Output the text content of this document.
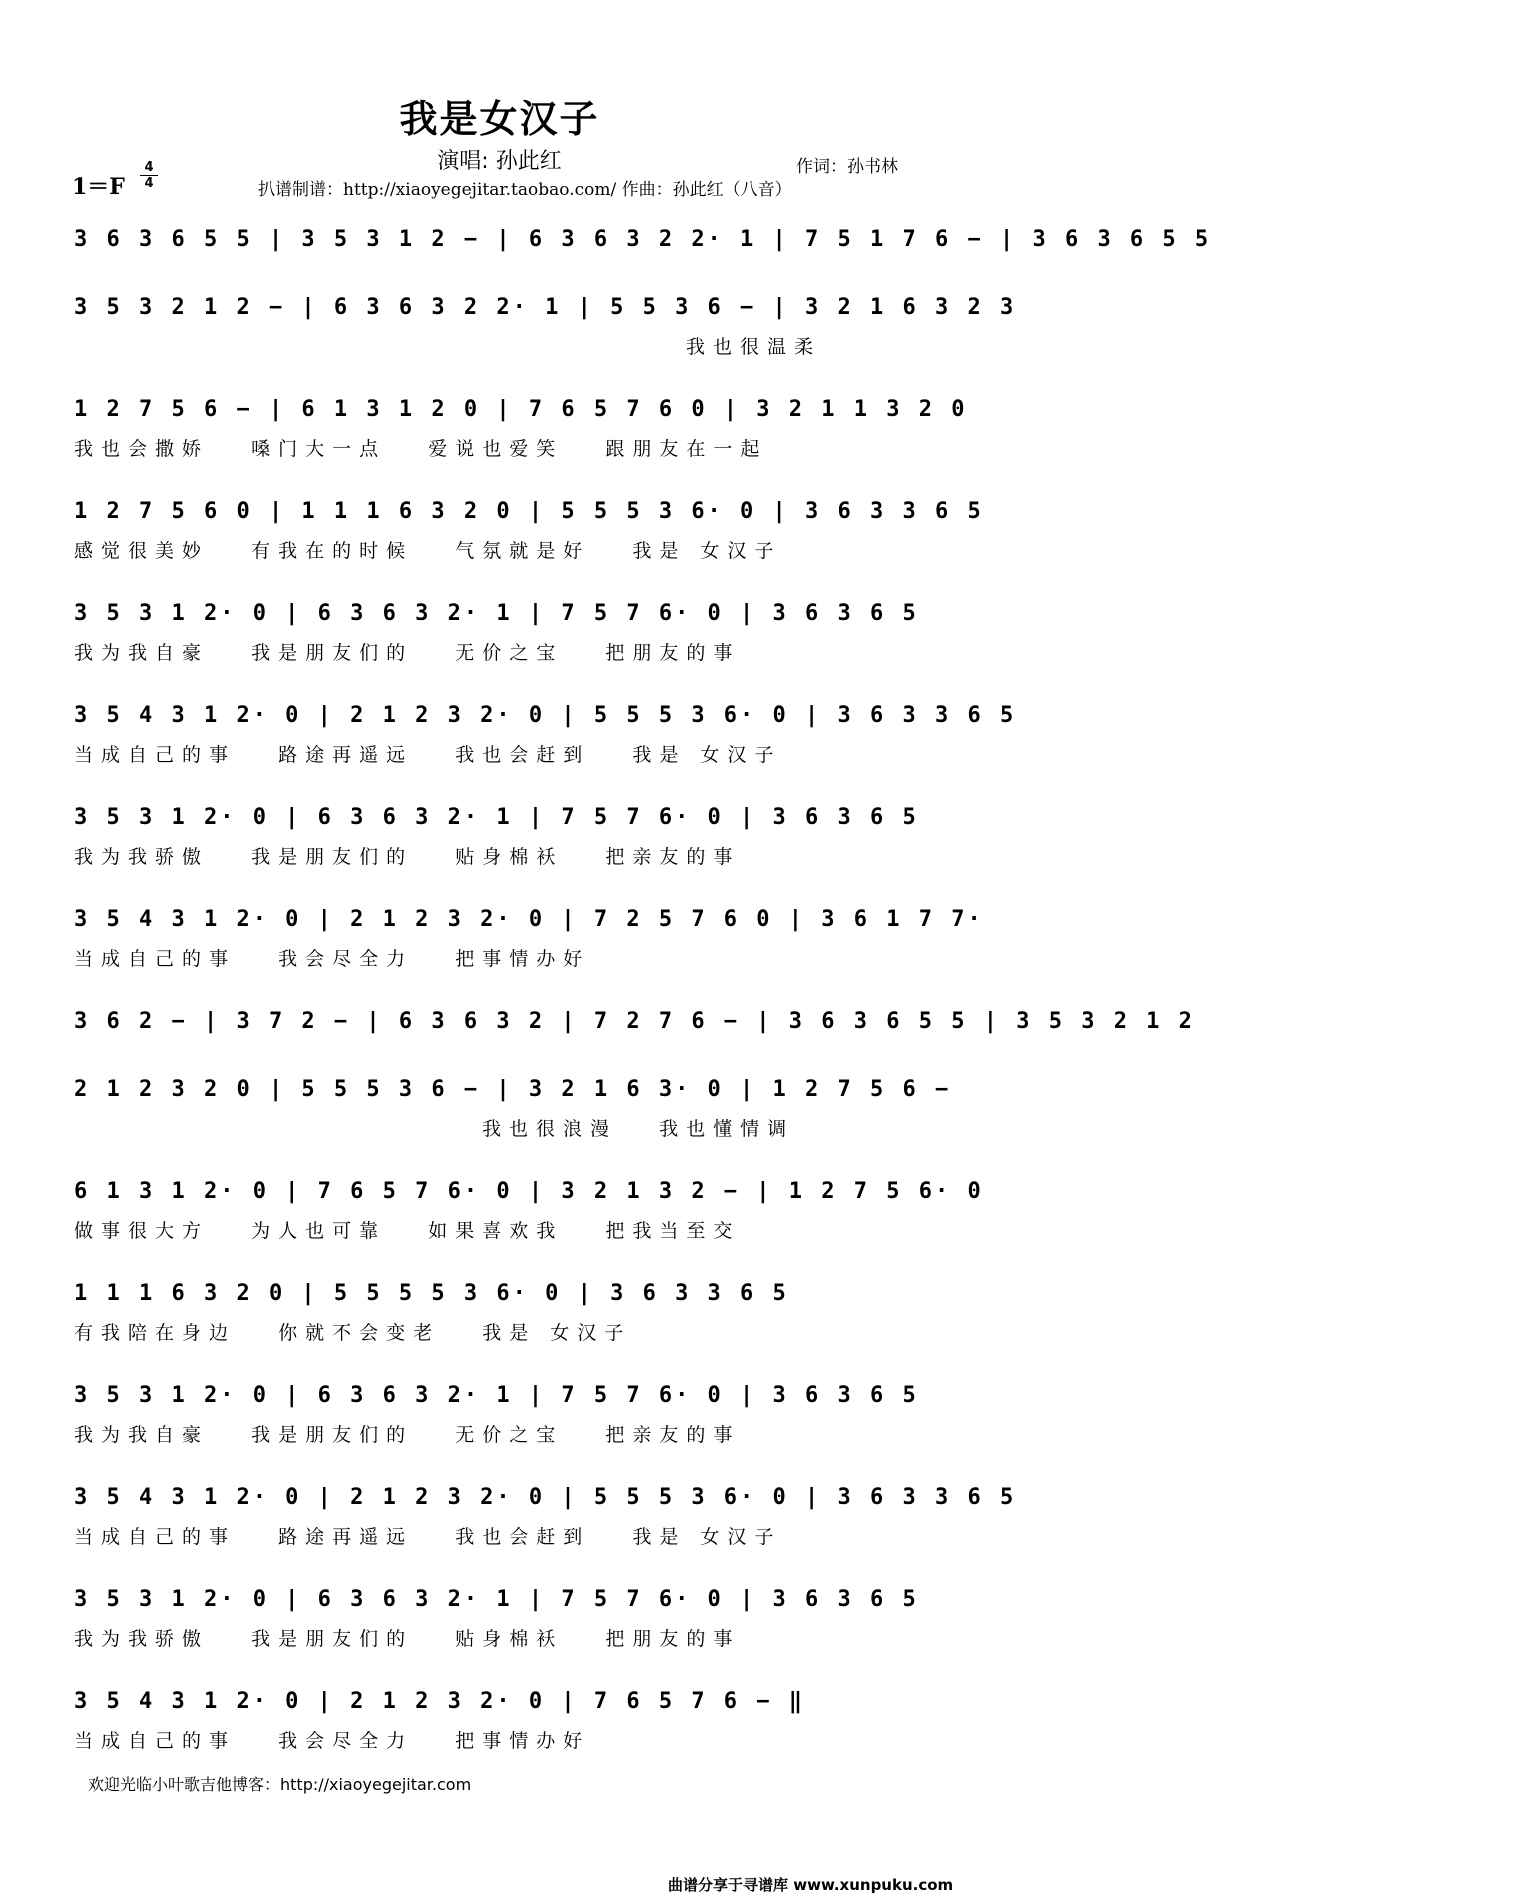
我是女汉子
演唱: 孙此红	作词：孙书林
1＝F
4
4	扒谱制谱：http://xiaoyegejitar.taobao.com/ 作曲：孙此红（八音）
3 6 3 6 5 5 | 3 5 3 1 2 − | 6 3 6 3 2 2· 1 | 7 5 1 7 6 − | 3 6 3 6 5 5
3 5 3 2 1 2 − | 6 3 6 3 2 2· 1 | 5 5 3 6 − | 3 2 1 6 3 2 3
我也很温柔
1 2 7 5 6 − | 6 1 3 1 2 0 | 7 6 5 7 6 0 | 3 2 1 1 3 2 0
我也会撒娇   嗓门大一点   爱说也爱笑   跟朋友在一起
1 2 7 5 6 0 | 1 1 1 6 3 2 0 | 5 5 5 3 6· 0 | 3 6 3 3 6 5
感觉很美妙   有我在的时候   气氛就是好   我是 女汉子
3 5 3 1 2· 0 | 6 3 6 3 2· 1 | 7 5 7 6· 0 | 3 6 3 6 5
我为我自豪   我是朋友们的   无价之宝   把朋友的事
3 5 4 3 1 2· 0 | 2 1 2 3 2· 0 | 5 5 5 3 6· 0 | 3 6 3 3 6 5
当成自己的事   路途再遥远   我也会赶到   我是 女汉子
3 5 3 1 2· 0 | 6 3 6 3 2· 1 | 7 5 7 6· 0 | 3 6 3 6 5
我为我骄傲   我是朋友们的   贴身棉袄   把亲友的事
3 5 4 3 1 2· 0 | 2 1 2 3 2· 0 | 7 2 5 7 6 0 | 3 6 1 7 7·
当成自己的事   我会尽全力   把事情办好
3 6 2 − | 3 7 2 − | 6 3 6 3 2 | 7 2 7 6 − | 3 6 3 6 5 5 | 3 5 3 2 1 2
2 1 2 3 2 0 | 5 5 5 3 6 − | 3 2 1 6 3· 0 | 1 2 7 5 6 −
我也很浪漫   我也懂情调
6 1 3 1 2· 0 | 7 6 5 7 6· 0 | 3 2 1 3 2 − | 1 2 7 5 6· 0
做事很大方   为人也可靠   如果喜欢我   把我当至交
1 1 1 6 3 2 0 | 5 5 5 5 3 6· 0 | 3 6 3 3 6 5
有我陪在身边   你就不会变老   我是 女汉子
3 5 3 1 2· 0 | 6 3 6 3 2· 1 | 7 5 7 6· 0 | 3 6 3 6 5
我为我自豪   我是朋友们的   无价之宝   把亲友的事
3 5 4 3 1 2· 0 | 2 1 2 3 2· 0 | 5 5 5 3 6· 0 | 3 6 3 3 6 5
当成自己的事   路途再遥远   我也会赶到   我是 女汉子
3 5 3 1 2· 0 | 6 3 6 3 2· 1 | 7 5 7 6· 0 | 3 6 3 6 5
我为我骄傲   我是朋友们的   贴身棉袄   把朋友的事
3 5 4 3 1 2· 0 | 2 1 2 3 2· 0 | 7 6 5 7 6 − ‖
当成自己的事   我会尽全力   把事情办好
欢迎光临小叶歌吉他博客：http://xiaoyegejitar.com
曲谱分享于寻谱库 www.xunpuku.com
